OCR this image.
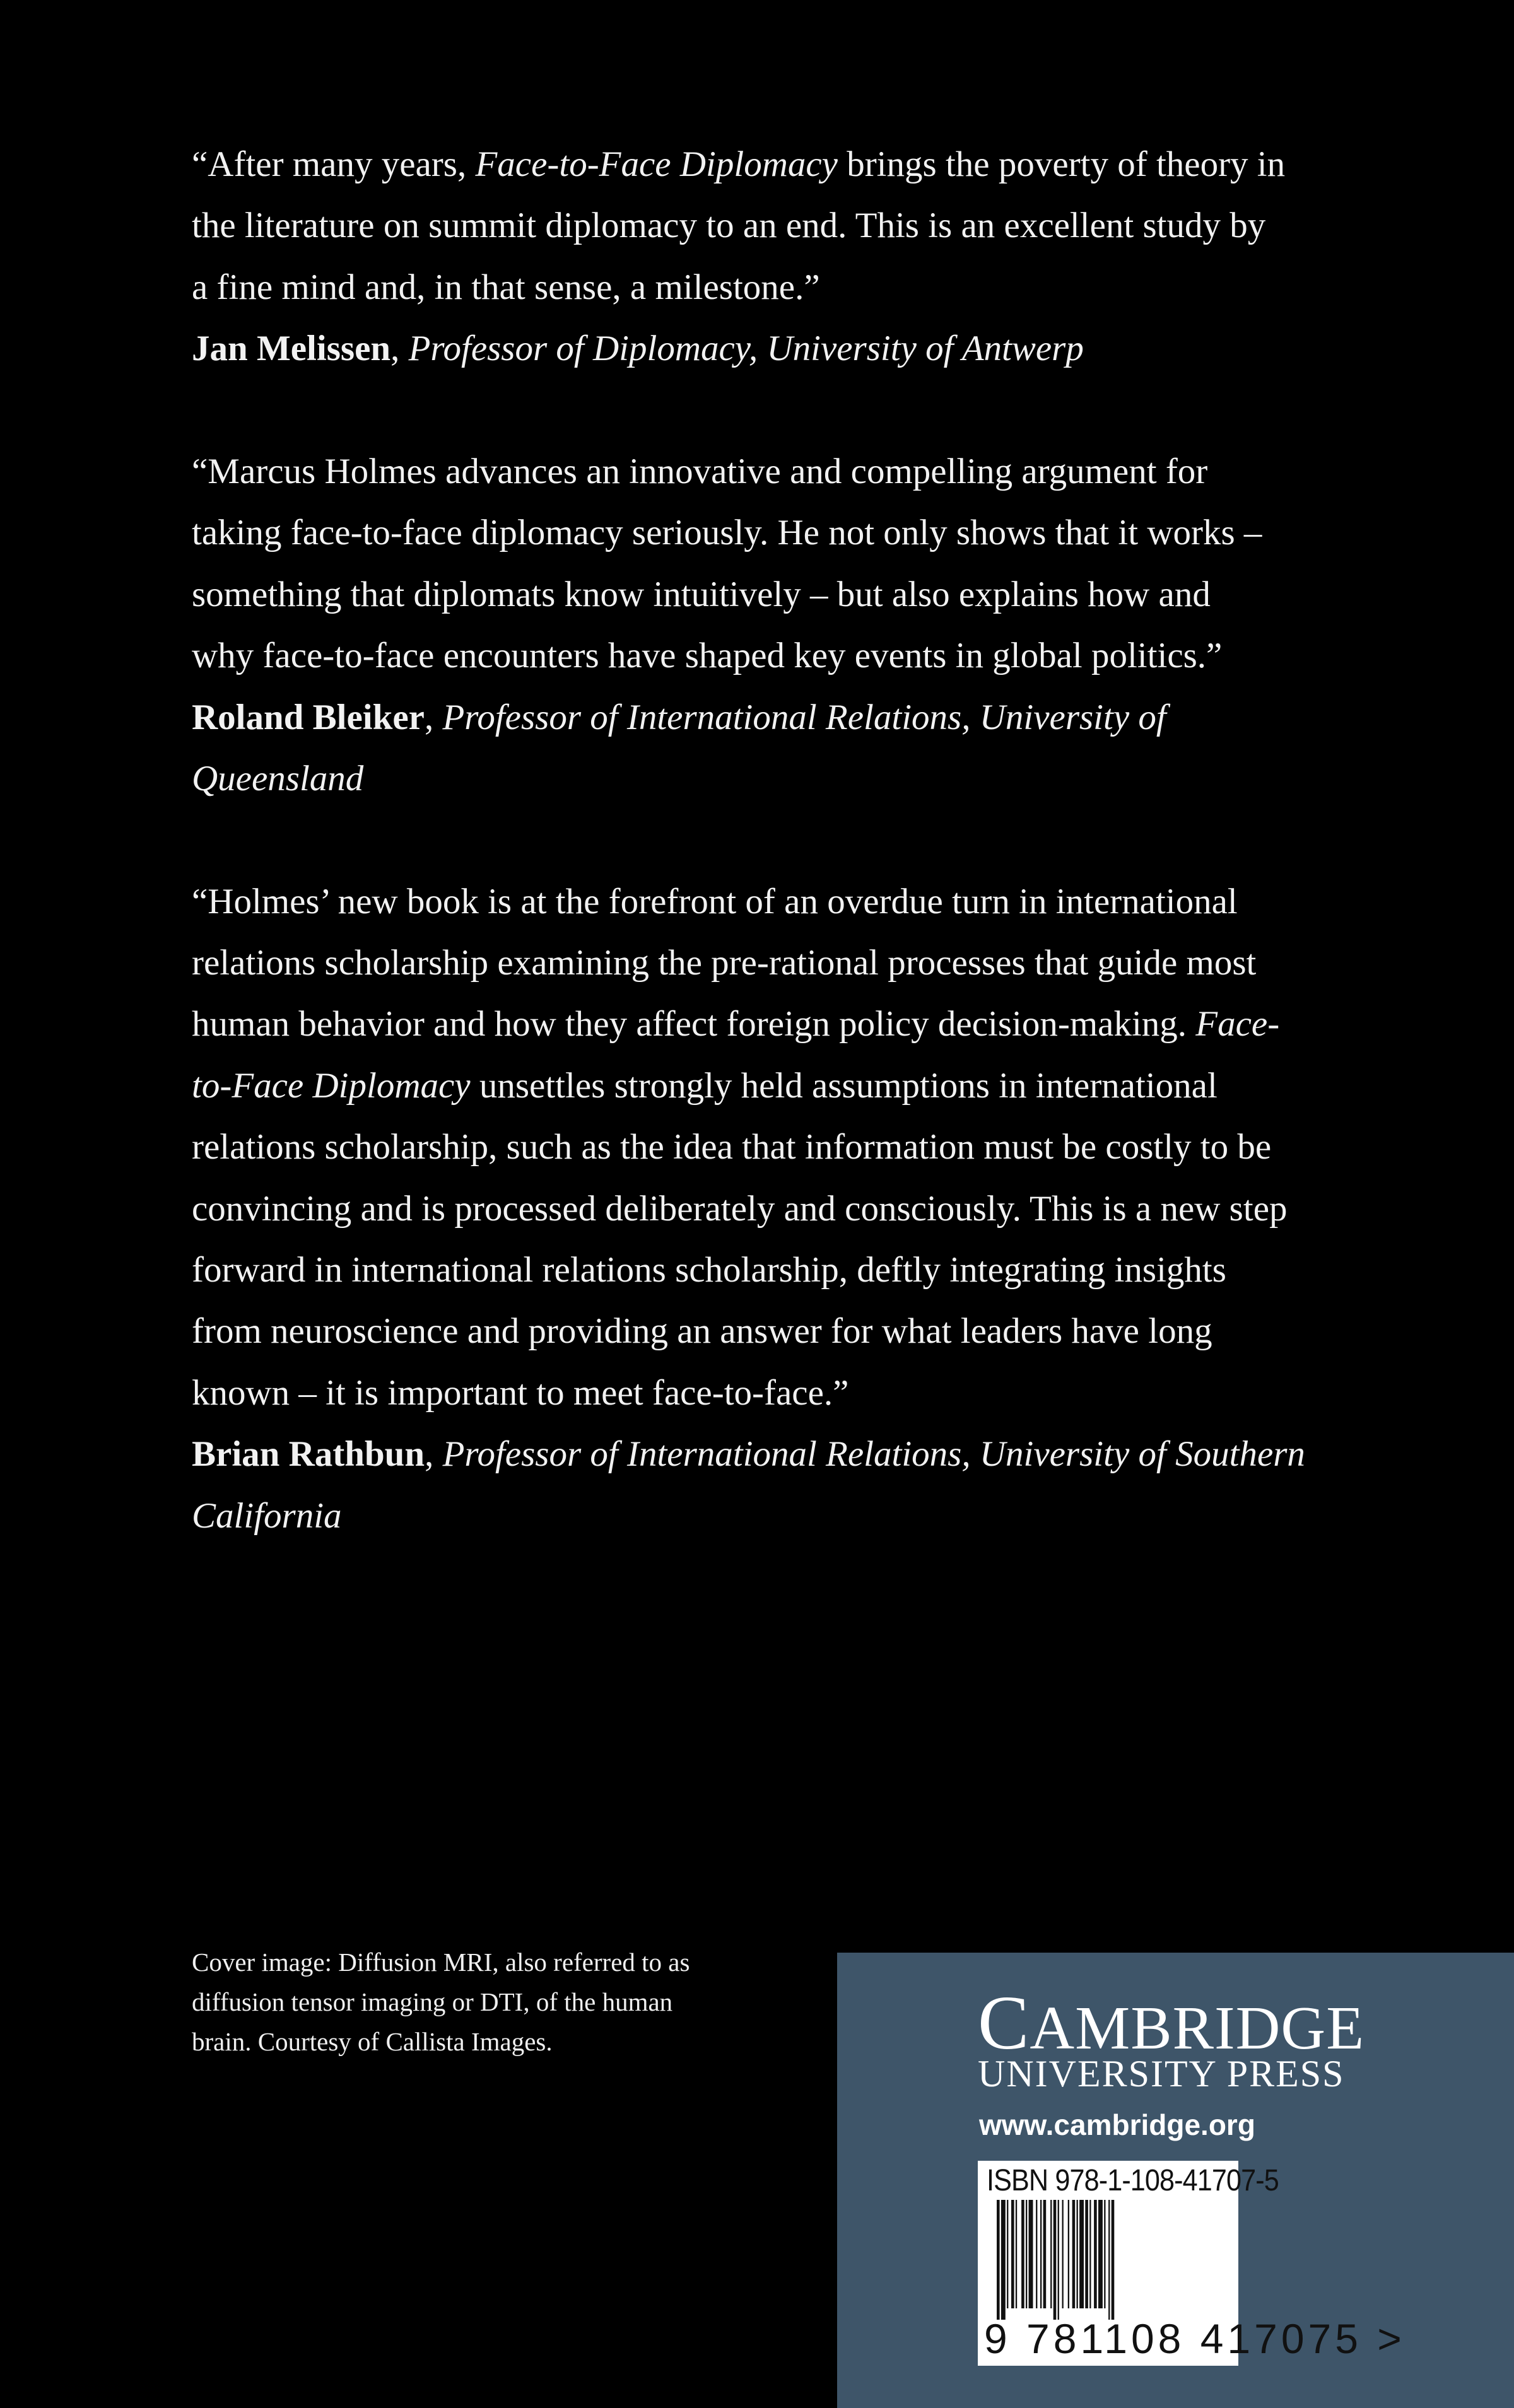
“After many years, Face-to-Face Diplomacy brings the poverty of theory in
the literature on summit diplomacy to an end. This is an excellent study by
a fine mind and, in that sense, a milestone.”
Jan Melissen, Professor of Diplomacy, University of Antwerp
“Marcus Holmes advances an innovative and compelling argument for
taking face-to-face diplomacy seriously. He not only shows that it works –
something that diplomats know intuitively – but also explains how and
why face-to-face encounters have shaped key events in global politics.”
Roland Bleiker, Professor of International Relations, University of
Queensland
“Holmes’ new book is at the forefront of an overdue turn in international
relations scholarship examining the pre-rational processes that guide most
human behavior and how they affect foreign policy decision-making. Face-
to-Face Diplomacy unsettles strongly held assumptions in international
relations scholarship, such as the idea that information must be costly to be
convincing and is processed deliberately and consciously. This is a new step
forward in international relations scholarship, deftly integrating insights
from neuroscience and providing an answer for what leaders have long
known – it is important to meet face-to-face.”
Brian Rathbun, Professor of International Relations, University of Southern
California
Cover image: Diffusion MRI, also referred to as
diffusion tensor imaging or DTI, of the human
brain. Courtesy of Callista Images.	CAMBRIDGE
UNIVERSITY PRESS
www.cambridge.org
ISBN 978-1-108-41707-5
9 781108 417075 >
